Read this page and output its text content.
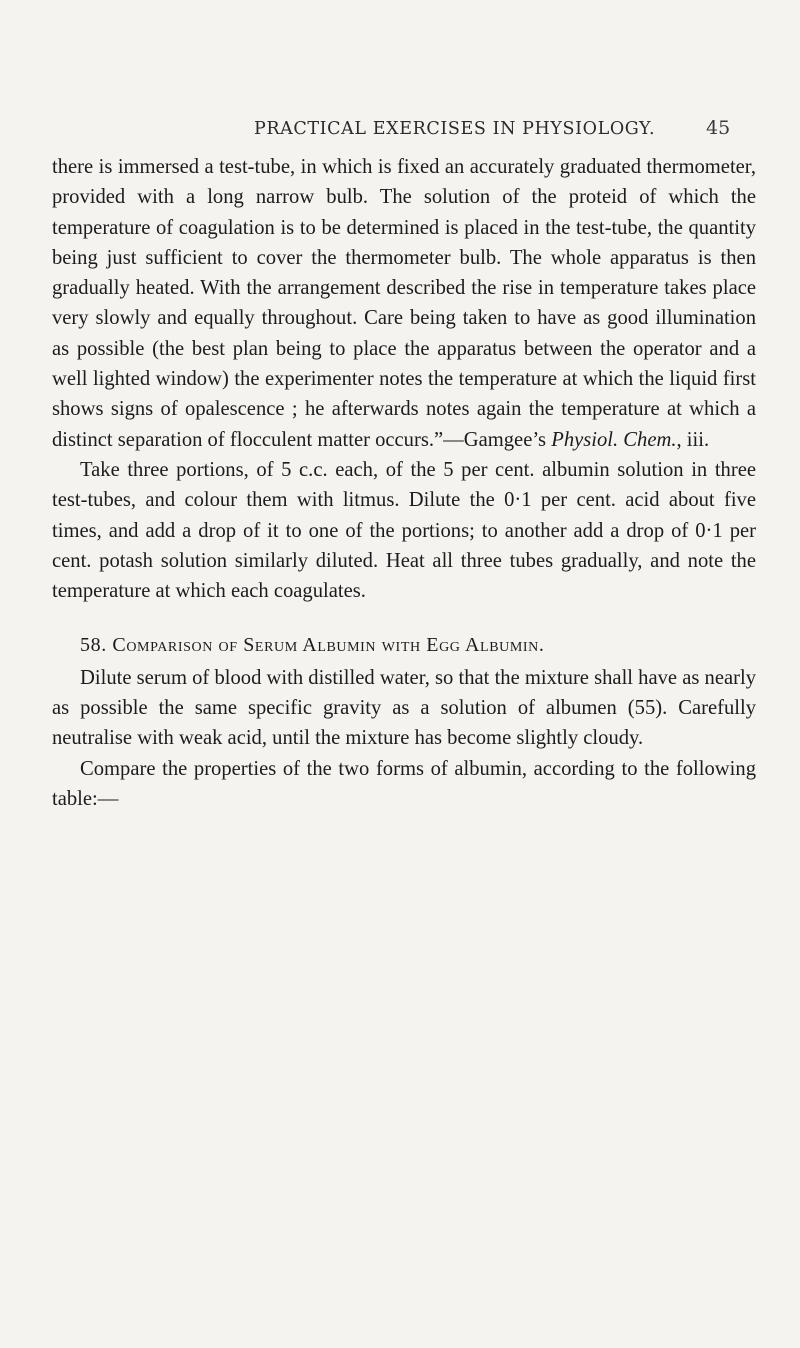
PRACTICAL EXERCISES IN PHYSIOLOGY.	45

there is immersed a test-tube, in which is fixed an accurately graduated thermometer, provided with a long narrow bulb. The solution of the proteid of which the temperature of coagulation is to be determined is placed in the test-tube, the quantity being just sufficient to cover the thermometer bulb. The whole apparatus is then gradually heated. With the arrangement described the rise in temperature takes place very slowly and equally throughout. Care being taken to have as good illumination as possible (the best plan being to place the apparatus between the operator and a well lighted window) the experimenter notes the temperature at which the liquid first shows signs of opalescence ; he afterwards notes again the temperature at which a distinct separation of flocculent matter occurs.”—Gamgee’s Physiol. Chem., iii.

Take three portions, of 5 c.c. each, of the 5 per cent. albumin solution in three test-tubes, and colour them with litmus. Dilute the 0·1 per cent. acid about five times, and add a drop of it to one of the portions; to another add a drop of 0·1 per cent. potash solution similarly diluted. Heat all three tubes gradually, and note the temperature at which each coagulates.

58. Comparison of Serum Albumin with Egg Albumin.

Dilute serum of blood with distilled water, so that the mixture shall have as nearly as possible the same specific gravity as a solution of albumen (55). Carefully neutralise with weak acid, until the mixture has become slightly cloudy.

Compare the properties of the two forms of albumin, according to the following table:—
